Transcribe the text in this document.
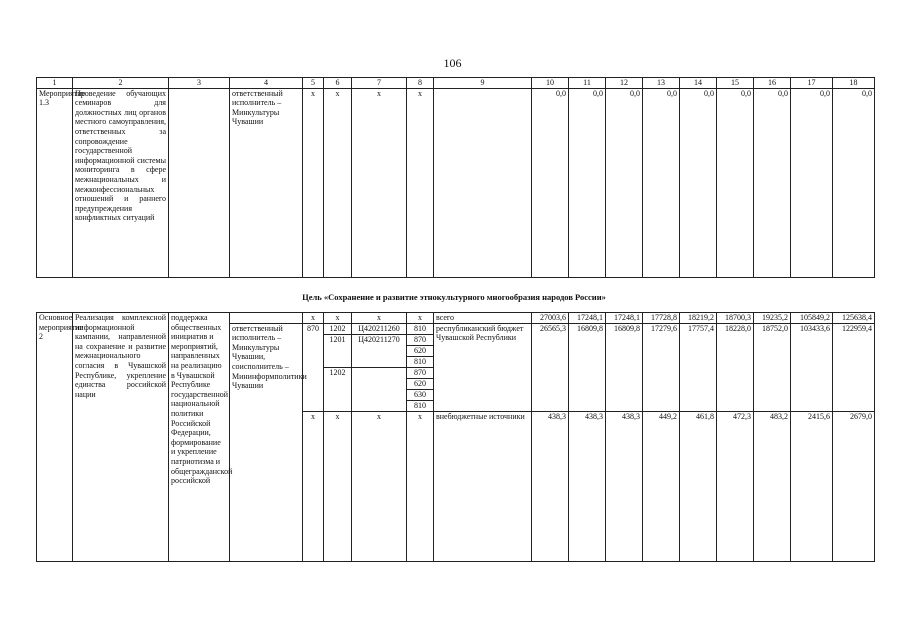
106
1	2	3	4	5	6	7	8	9	10	11	12	13	14	15	16	17	18
Мероприятие 1.3	Проведение обучающих семинаров для должностных лиц органов местного самоуправления, ответственных за сопровождение государственной информационной системы мониторинга в сфере межнациональных и межконфессиональных отношений и раннего предупреждения конфликтных ситуаций		ответственный исполнитель – Минкультуры Чувашии	x	x	x	x		0,0	0,0	0,0	0,0	0,0	0,0	0,0	0,0	0,0
Цель «Сохранение и развитие этнокультурного многообразия народов России»
Основное мероприятие 2	Реализация комплексной информационной кампании, направленной на сохранение и развитие межнационального согласия в Чувашской Республике, укрепление единства российской нации	поддержка общественных инициатив и мероприятий, направленных на реализацию в Чувашской Республике государственной национальной политики Российской Федерации, формирование и укрепление патриотизма и общегражданской российской		x	x	x	x	всего	27003,6	17248,1	17248,1	17728,8	18219,2	18700,3	19235,2	105849,2	125638,4
			ответственный исполнитель – Минкультуры Чувашии, соисполнитель – Мининформполитики Чувашии	870	1202	Ц420211260	810	республиканский бюджет Чувашской Республики	26565,3	16809,8	16809,8	17279,6	17757,4	18228,0	18752,0	103433,6	122959,4
					1201	Ц420211270	870										
							620										
							810										
					1202		870										
							620										
							630										
							810										
				x	x	x	x	внебюджетные источники	438,3	438,3	438,3	449,2	461,8	472,3	483,2	2415,6	2679,0
